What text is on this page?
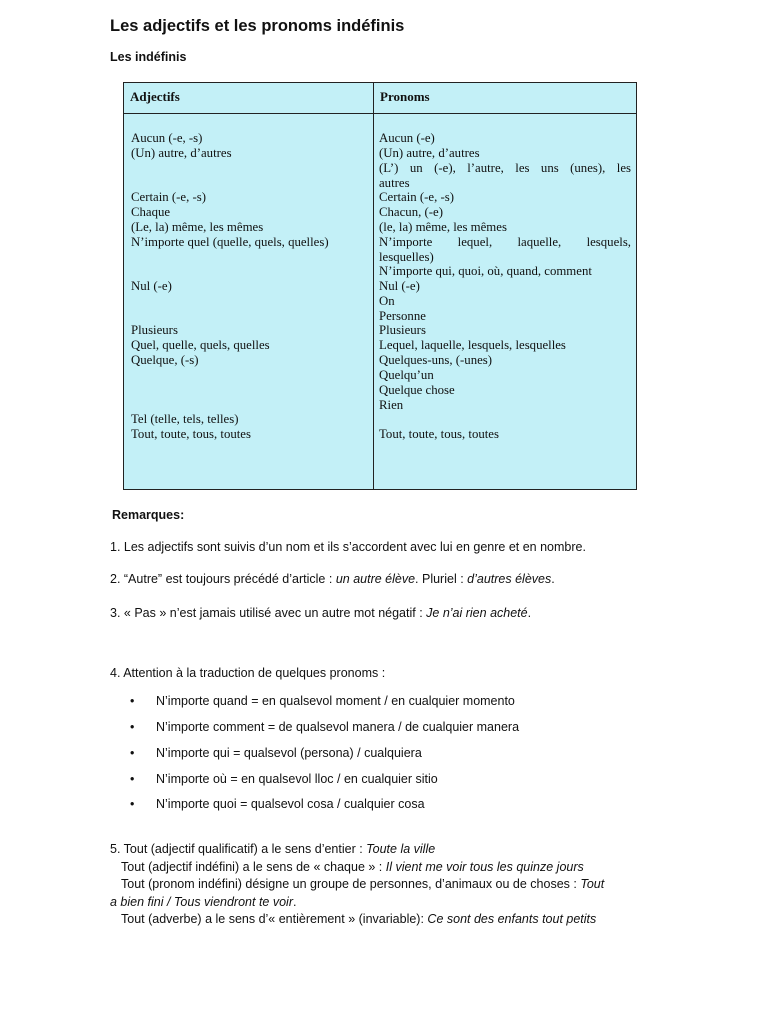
Les adjectifs et les pronoms indéfinis
Les indéfinis
Adjectifs	Pronoms
Aucun (-e, -s)
(Un) autre, d’autres
Certain (-e, -s)
Chaque
(Le, la) même, les mêmes
N’importe quel (quelle, quels, quelles)
Nul (-e)
Plusieurs
Quel, quelle, quels, quelles
Quelque, (-s)
Tel (telle, tels, telles)
Tout, toute, tous, toutes
Aucun (-e)
(Un) autre, d’autres
(L’) un (-e), l’autre, les uns (unes), les
autres
Certain (-e, -s)
Chacun, (-e)
(le, la) même, les mêmes
N’importe lequel, laquelle, lesquels,
lesquelles)
N’importe qui, quoi, où, quand, comment
Nul (-e)
On
Personne
Plusieurs
Lequel, laquelle, lesquels, lesquelles
Quelques-uns, (-unes)
Quelqu’un
Quelque chose
Rien
Tout, toute, tous, toutes
Remarques:
1. Les adjectifs sont suivis d’un nom et ils s’accordent avec lui en genre et en nombre.
2. “Autre” est toujours précédé d’article : un autre élève. Pluriel : d’autres élèves.
3. « Pas » n’est jamais utilisé avec un autre mot négatif : Je n’ai rien acheté.
4. Attention à la traduction de quelques pronoms :
• N’importe quand = en qualsevol moment / en cualquier momento
• N’importe comment = de qualsevol manera / de cualquier manera
• N’importe qui = qualsevol (persona) / cualquiera
• N’importe où = en qualsevol lloc / en cualquier sitio
• N’importe quoi = qualsevol cosa / cualquier cosa
5. Tout (adjectif qualificatif) a le sens d’entier : Toute la ville
Tout (adjectif indéfini) a le sens de « chaque » : Il vient me voir tous les quinze jours
Tout (pronom indéfini) désigne un groupe de personnes, d’animaux ou de choses : Tout
a bien fini / Tous viendront te voir.
Tout (adverbe) a le sens d’« entièrement » (invariable): Ce sont des enfants tout petits
